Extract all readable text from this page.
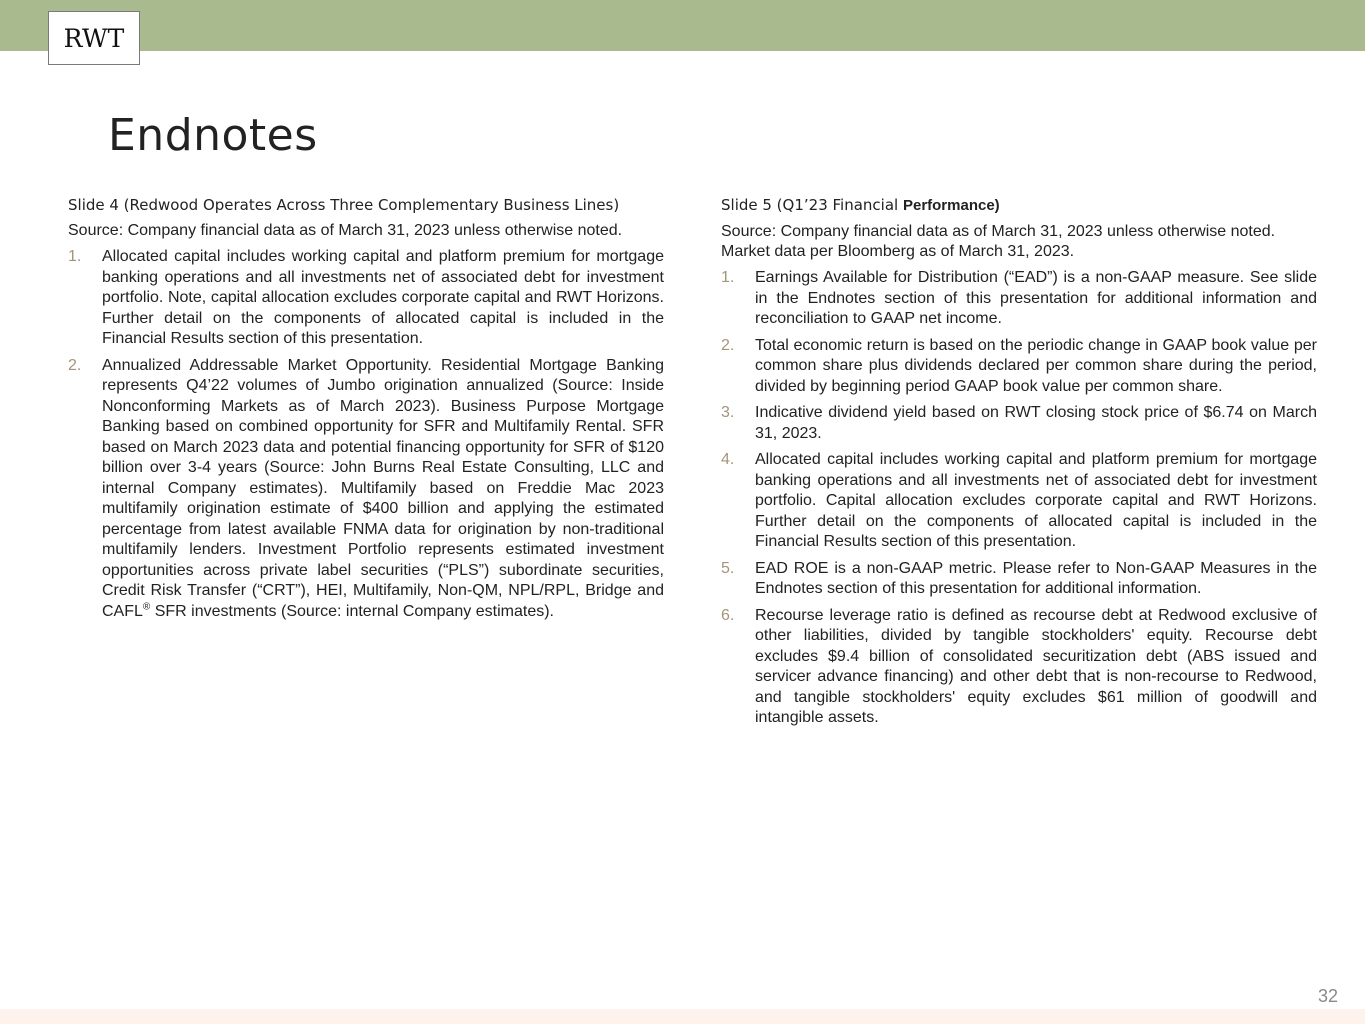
RWT
Endnotes

Slide 4 (Redwood Operates Across Three Complementary Business Lines)

Source: Company financial data as of March 31, 2023 unless otherwise noted.

1.	Allocated capital includes working capital and platform premium for mortgage banking operations and all investments net of associated debt for investment portfolio. Note, capital allocation excludes corporate capital and RWT Horizons. Further detail on the components of allocated capital is included in the Financial Results section of this presentation.
2.	Annualized Addressable Market Opportunity. Residential Mortgage Banking represents Q4’22 volumes of Jumbo origination annualized (Source: Inside Nonconforming Markets as of March 2023). Business Purpose Mortgage Banking based on combined opportunity for SFR and Multifamily Rental. SFR based on March 2023 data and potential financing opportunity for SFR of $120 billion over 3-4 years (Source: John Burns Real Estate Consulting, LLC and internal Company estimates). Multifamily based on Freddie Mac 2023 multifamily origination estimate of $400 billion and applying the estimated percentage from latest available FNMA data for origination by non-traditional multifamily lenders. Investment Portfolio represents estimated investment opportunities across private label securities (“PLS”) subordinate securities, Credit Risk Transfer (“CRT”), HEI, Multifamily, Non-QM, NPL/RPL, Bridge and CAFL® SFR investments (Source: internal Company estimates).

Slide 5 (Q1’23 Financial Performance)

Source: Company financial data as of March 31, 2023 unless otherwise noted. Market data per Bloomberg as of March 31, 2023.

1.	Earnings Available for Distribution (“EAD”) is a non-GAAP measure. See slide in the Endnotes section of this presentation for additional information and reconciliation to GAAP net income.
2.	Total economic return is based on the periodic change in GAAP book value per common share plus dividends declared per common share during the period, divided by beginning period GAAP book value per common share.
3.	Indicative dividend yield based on RWT closing stock price of $6.74 on March 31, 2023.
4.	Allocated capital includes working capital and platform premium for mortgage banking operations and all investments net of associated debt for investment portfolio. Capital allocation excludes corporate capital and RWT Horizons. Further detail on the components of allocated capital is included in the Financial Results section of this presentation.
5.	EAD ROE is a non-GAAP metric. Please refer to Non-GAAP Measures in the Endnotes section of this presentation for additional information.
6.	Recourse leverage ratio is defined as recourse debt at Redwood exclusive of other liabilities, divided by tangible stockholders' equity. Recourse debt excludes $9.4 billion of consolidated securitization debt (ABS issued and servicer advance financing) and other debt that is non-recourse to Redwood, and tangible stockholders' equity excludes $61 million of goodwill and intangible assets.
32
